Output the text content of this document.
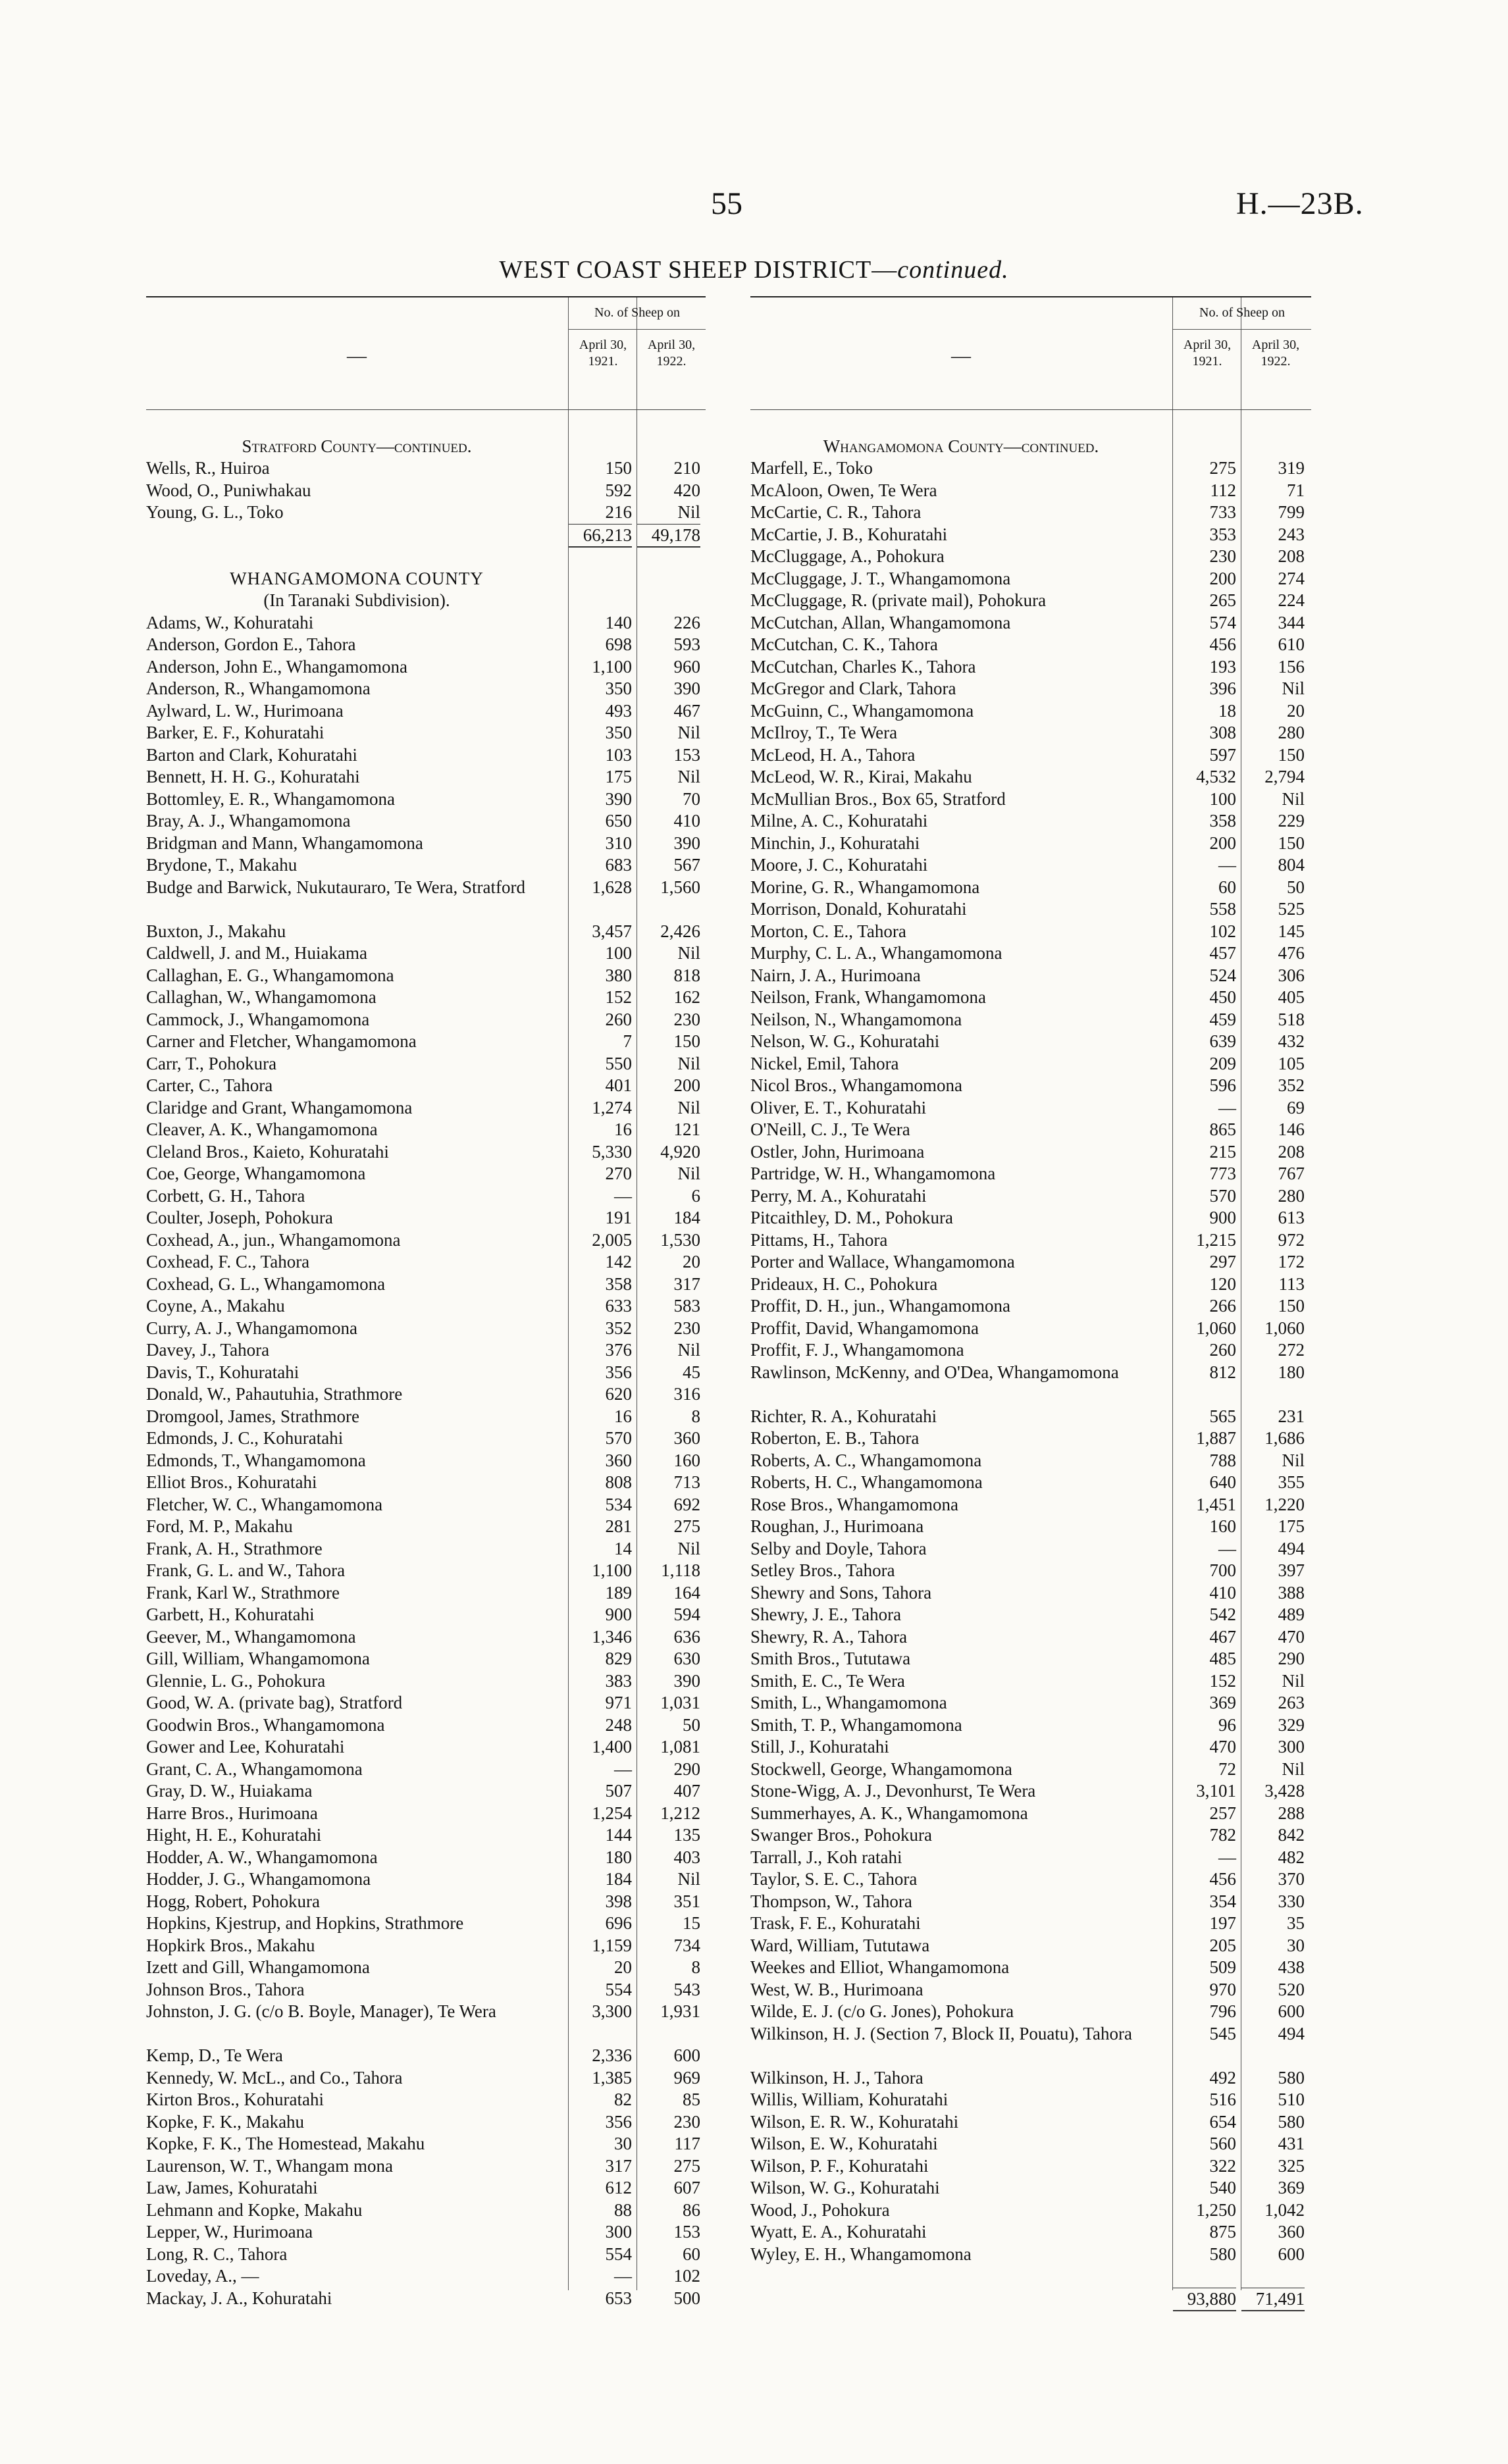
55	H.—23B.
WEST COAST SHEEP DISTRICT—continued.
—
No. of Sheep on
April 30, 1921.
April 30, 1922.
Stratford County—continued.
Wells, R., Huiroa	150	210
Wood, O., Puniwhakau	592	420
Young, G. L., Toko	216	Nil
66,213	49,178
WHANGAMOMONA COUNTY
(In Taranaki Subdivision).
Adams, W., Kohuratahi	140	226
Anderson, Gordon E., Tahora	698	593
Anderson, John E., Whangamomona	1,100	960
Anderson, R., Whangamomona	350	390
Aylward, L. W., Hurimoana	493	467
Barker, E. F., Kohuratahi	350	Nil
Barton and Clark, Kohuratahi	103	153
Bennett, H. H. G., Kohuratahi	175	Nil
Bottomley, E. R., Whangamomona	390	70
Bray, A. J., Whangamomona	650	410
Bridgman and Mann, Whangamomona	310	390
Brydone, T., Makahu	683	567
Budge and Barwick, Nukutauraro, Te Wera, Stratford	1,628	1,560
Buxton, J., Makahu	3,457	2,426
Caldwell, J. and M., Huiakama	100	Nil
Callaghan, E. G., Whangamomona	380	818
Callaghan, W., Whangamomona	152	162
Cammock, J., Whangamomona	260	230
Carner and Fletcher, Whangamomona	7	150
Carr, T., Pohokura	550	Nil
Carter, C., Tahora	401	200
Claridge and Grant, Whangamomona	1,274	Nil
Cleaver, A. K., Whangamomona	16	121
Cleland Bros., Kaieto, Kohuratahi	5,330	4,920
Coe, George, Whangamomona	270	Nil
Corbett, G. H., Tahora	—	6
Coulter, Joseph, Pohokura	191	184
Coxhead, A., jun., Whangamomona	2,005	1,530
Coxhead, F. C., Tahora	142	20
Coxhead, G. L., Whangamomona	358	317
Coyne, A., Makahu	633	583
Curry, A. J., Whangamomona	352	230
Davey, J., Tahora	376	Nil
Davis, T., Kohuratahi	356	45
Donald, W., Pahautuhia, Strathmore	620	316
Dromgool, James, Strathmore	16	8
Edmonds, J. C., Kohuratahi	570	360
Edmonds, T., Whangamomona	360	160
Elliot Bros., Kohuratahi	808	713
Fletcher, W. C., Whangamomona	534	692
Ford, M. P., Makahu	281	275
Frank, A. H., Strathmore	14	Nil
Frank, G. L. and W., Tahora	1,100	1,118
Frank, Karl W., Strathmore	189	164
Garbett, H., Kohuratahi	900	594
Geever, M., Whangamomona	1,346	636
Gill, William, Whangamomona	829	630
Glennie, L. G., Pohokura	383	390
Good, W. A. (private bag), Stratford	971	1,031
Goodwin Bros., Whangamomona	248	50
Gower and Lee, Kohuratahi	1,400	1,081
Grant, C. A., Whangamomona	—	290
Gray, D. W., Huiakama	507	407
Harre Bros., Hurimoana	1,254	1,212
Hight, H. E., Kohuratahi	144	135
Hodder, A. W., Whangamomona	180	403
Hodder, J. G., Whangamomona	184	Nil
Hogg, Robert, Pohokura	398	351
Hopkins, Kjestrup, and Hopkins, Strathmore	696	15
Hopkirk Bros., Makahu	1,159	734
Izett and Gill, Whangamomona	20	8
Johnson Bros., Tahora	554	543
Johnston, J. G. (c/o B. Boyle, Manager), Te Wera	3,300	1,931
Kemp, D., Te Wera	2,336	600
Kennedy, W. McL., and Co., Tahora	1,385	969
Kirton Bros., Kohuratahi	82	85
Kopke, F. K., Makahu	356	230
Kopke, F. K., The Homestead, Makahu	30	117
Laurenson, W. T., Whangam mona	317	275
Law, James, Kohuratahi	612	607
Lehmann and Kopke, Makahu	88	86
Lepper, W., Hurimoana	300	153
Long, R. C., Tahora	554	60
Loveday, A., —	—	102
Mackay, J. A., Kohuratahi	653	500
—
No. of Sheep on
April 30, 1921.
April 30, 1922.
Whangamomona County—continued.
Marfell, E., Toko	275	319
McAloon, Owen, Te Wera	112	71
McCartie, C. R., Tahora	733	799
McCartie, J. B., Kohuratahi	353	243
McCluggage, A., Pohokura	230	208
McCluggage, J. T., Whangamomona	200	274
McCluggage, R. (private mail), Pohokura	265	224
McCutchan, Allan, Whangamomona	574	344
McCutchan, C. K., Tahora	456	610
McCutchan, Charles K., Tahora	193	156
McGregor and Clark, Tahora	396	Nil
McGuinn, C., Whangamomona	18	20
McIlroy, T., Te Wera	308	280
McLeod, H. A., Tahora	597	150
McLeod, W. R., Kirai, Makahu	4,532	2,794
McMullian Bros., Box 65, Stratford	100	Nil
Milne, A. C., Kohuratahi	358	229
Minchin, J., Kohuratahi	200	150
Moore, J. C., Kohuratahi	—	804
Morine, G. R., Whangamomona	60	50
Morrison, Donald, Kohuratahi	558	525
Morton, C. E., Tahora	102	145
Murphy, C. L. A., Whangamomona	457	476
Nairn, J. A., Hurimoana	524	306
Neilson, Frank, Whangamomona	450	405
Neilson, N., Whangamomona	459	518
Nelson, W. G., Kohuratahi	639	432
Nickel, Emil, Tahora	209	105
Nicol Bros., Whangamomona	596	352
Oliver, E. T., Kohuratahi	—	69
O'Neill, C. J., Te Wera	865	146
Ostler, John, Hurimoana	215	208
Partridge, W. H., Whangamomona	773	767
Perry, M. A., Kohuratahi	570	280
Pitcaithley, D. M., Pohokura	900	613
Pittams, H., Tahora	1,215	972
Porter and Wallace, Whangamomona	297	172
Prideaux, H. C., Pohokura	120	113
Proffit, D. H., jun., Whangamomona	266	150
Proffit, David, Whangamomona	1,060	1,060
Proffit, F. J., Whangamomona	260	272
Rawlinson, McKenny, and O'Dea, Whangamomona	812	180
Richter, R. A., Kohuratahi	565	231
Roberton, E. B., Tahora	1,887	1,686
Roberts, A. C., Whangamomona	788	Nil
Roberts, H. C., Whangamomona	640	355
Rose Bros., Whangamomona	1,451	1,220
Roughan, J., Hurimoana	160	175
Selby and Doyle, Tahora	—	494
Setley Bros., Tahora	700	397
Shewry and Sons, Tahora	410	388
Shewry, J. E., Tahora	542	489
Shewry, R. A., Tahora	467	470
Smith Bros., Tututawa	485	290
Smith, E. C., Te Wera	152	Nil
Smith, L., Whangamomona	369	263
Smith, T. P., Whangamomona	96	329
Still, J., Kohuratahi	470	300
Stockwell, George, Whangamomona	72	Nil
Stone-Wigg, A. J., Devonhurst, Te Wera	3,101	3,428
Summerhayes, A. K., Whangamomona	257	288
Swanger Bros., Pohokura	782	842
Tarrall, J., Koh ratahi	—	482
Taylor, S. E. C., Tahora	456	370
Thompson, W., Tahora	354	330
Trask, F. E., Kohuratahi	197	35
Ward, William, Tututawa	205	30
Weekes and Elliot, Whangamomona	509	438
West, W. B., Hurimoana	970	520
Wilde, E. J. (c/o G. Jones), Pohokura	796	600
Wilkinson, H. J. (Section 7, Block II, Pouatu), Tahora	545	494
Wilkinson, H. J., Tahora	492	580
Willis, William, Kohuratahi	516	510
Wilson, E. R. W., Kohuratahi	654	580
Wilson, E. W., Kohuratahi	560	431
Wilson, P. F., Kohuratahi	322	325
Wilson, W. G., Kohuratahi	540	369
Wood, J., Pohokura	1,250	1,042
Wyatt, E. A., Kohuratahi	875	360
Wyley, E. H., Whangamomona	580	600
93,880	71,491
